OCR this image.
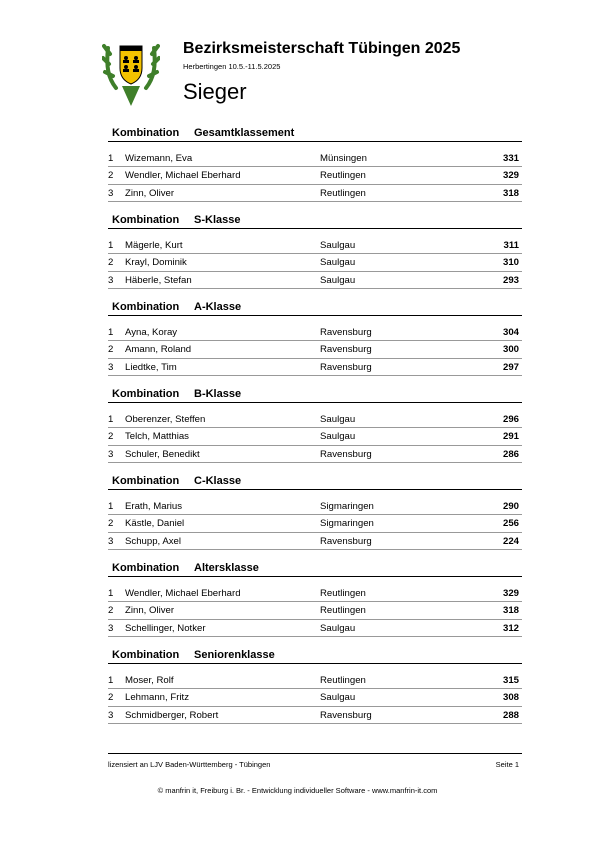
Bezirksmeisterschaft Tübingen 2025
Herbertingen 10.5.-11.5.2025
Sieger
Kombination Gesamtklassement
1 Wizemann, Eva	Münsingen	331
2 Wendler, Michael Eberhard	Reutlingen	329
3 Zinn, Oliver	Reutlingen	318
Kombination S-Klasse
1 Mägerle, Kurt	Saulgau	311
2 Krayl, Dominik	Saulgau	310
3 Häberle, Stefan	Saulgau	293
Kombination A-Klasse
1 Ayna, Koray	Ravensburg	304
2 Amann, Roland	Ravensburg	300
3 Liedtke, Tim	Ravensburg	297
Kombination B-Klasse
1 Oberenzer, Steffen	Saulgau	296
2 Telch, Matthias	Saulgau	291
3 Schuler, Benedikt	Ravensburg	286
Kombination C-Klasse
1 Erath, Marius	Sigmaringen	290
2 Kästle, Daniel	Sigmaringen	256
3 Schupp, Axel	Ravensburg	224
Kombination Altersklasse
1 Wendler, Michael Eberhard	Reutlingen	329
2 Zinn, Oliver	Reutlingen	318
3 Schellinger, Notker	Saulgau	312
Kombination Seniorenklasse
1 Moser, Rolf	Reutlingen	315
2 Lehmann, Fritz	Saulgau	308
3 Schmidberger, Robert	Ravensburg	288
lizensiert an LJV Baden-Württemberg - Tübingen	Seite 1
© manfrin it, Freiburg i. Br. - Entwicklung individueller Software - www.manfrin-it.com
